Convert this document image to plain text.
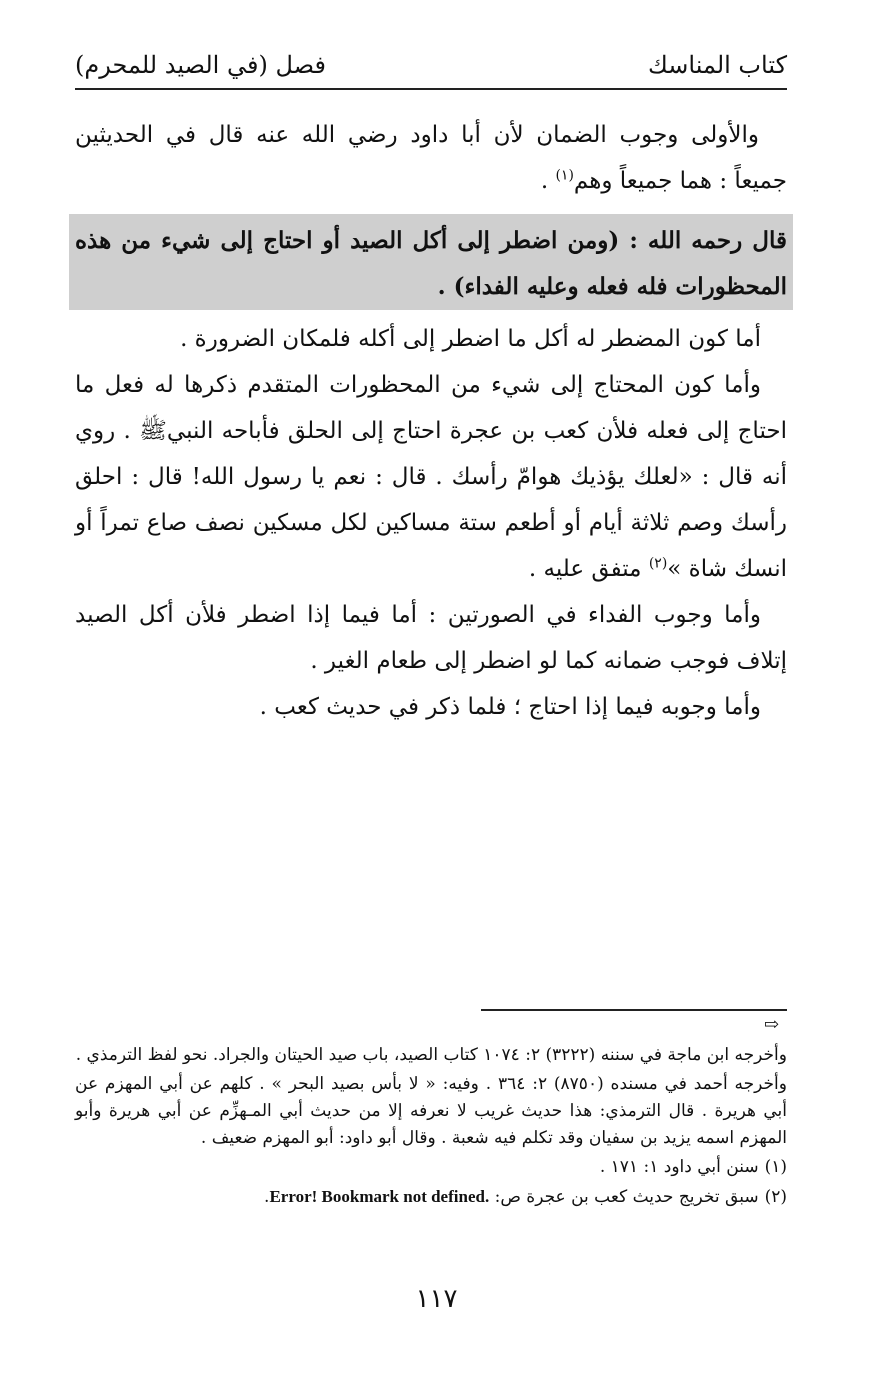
كتاب المناسك
فصل (في الصيد للمحرم)

والأولى وجوب الضمان لأن أبا داود رضي الله عنه قال في الحديثين جميعاً : هما جميعاً وهم$^{(١)}$ .

قال رحمه الله : (ومن اضطر إلى أكل الصيد أو احتاج إلى شيء من هذه المحظورات فله فعله وعليه الفداء) .

أما كون المضطر له أكل ما اضطر إلى أكله فلمكان الضرورة .

وأما كون المحتاج إلى شيء من المحظورات المتقدم ذكرها له فعل ما احتاج إلى فعله فلأن كعب بن عجرة احتاج إلى الحلق فأباحه النبيﷺ . روي أنه قال : «لعلك يؤذيك هوامّ رأسك . قال : نعم يا رسول الله! قال : احلق رأسك وصم ثلاثة أيام أو أطعم ستة مساكين لكل مسكين نصف صاع تمراً أو انسك شاة »$^{(٢)}$ متفق عليه .

وأما وجوب الفداء في الصورتين : أما فيما إذا اضطر فلأن أكل الصيد إتلاف فوجب ضمانه كما لو اضطر إلى طعام الغير .

وأما وجوبه فيما إذا احتاج ؛ فلما ذكر في حديث كعب .

⇨

وأخرجه ابن ماجة في سننه (٣٢٢٢) ٢: ١٠٧٤ كتاب الصيد، باب صيد الحيتان والجراد. نحو لفظ الترمذي .

وأخرجه أحمد في مسنده (٨٧٥٠) ٢: ٣٦٤ . وفيه: « لا بأس بصيد البحر » . كلهم عن أبي المهزم عن أبي هريرة . قال الترمذي: هذا حديث غريب لا نعرفه إلا من حديث أبي المـهزِّم عن أبي هريرة وأبو المهزم اسمه يزيد بن سفيان وقد تكلم فيه شعبة . وقال أبو داود: أبو المهزم ضعيف .

(١)سنن أبي داود ١: ١٧١ .

(٢)سبق تخريج حديث كعب بن عجرة ص: Error! Bookmark not defined..

١١٧
